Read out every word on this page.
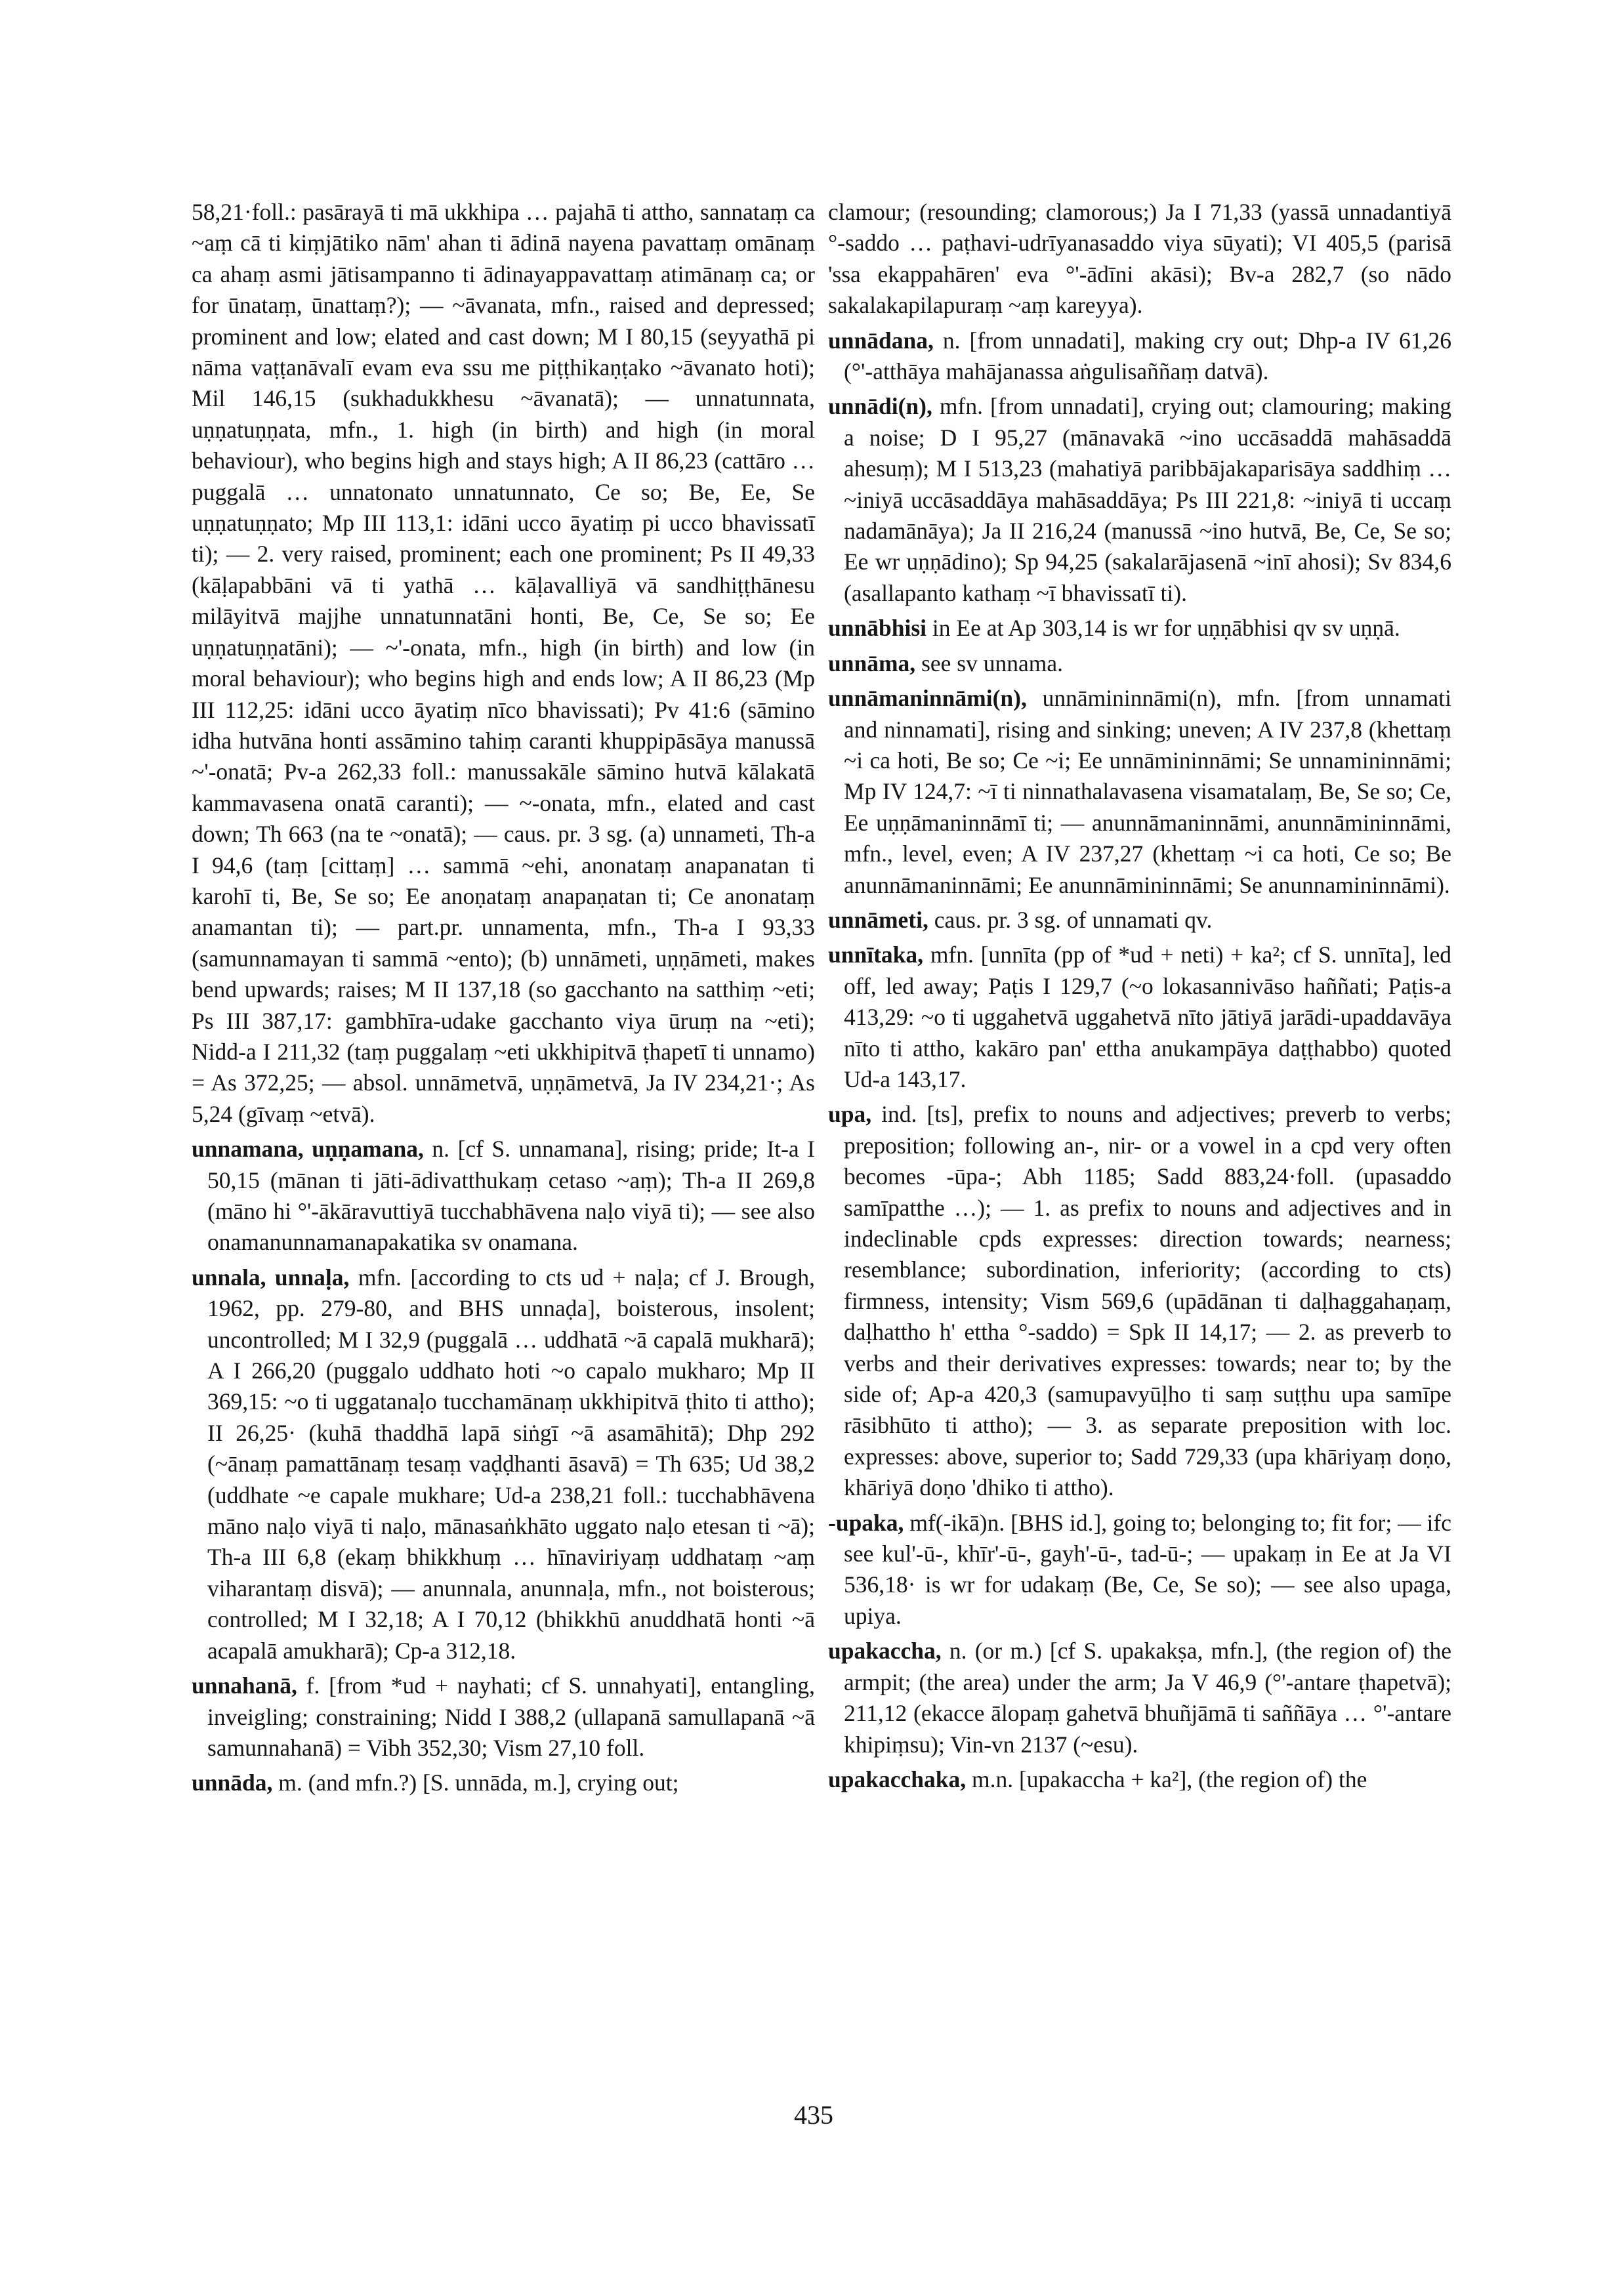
58,21·foll.: pasārayā ti mā ukkhipa … pajahā ti attho, sannataṃ ca ~aṃ cā ti kiṃjātiko nām' ahan ti ādinā nayena pavattaṃ omānaṃ ca ahaṃ asmi jātisampanno ti ādinayappavattaṃ atimānaṃ ca; or for ūnataṃ, ūnattaṃ?); — ~āvanata, mfn., raised and depressed; prominent and low; elated and cast down; M I 80,15 (seyyathā pi nāma vaṭṭanāvalī evam eva ssu me piṭṭhikaṇṭako ~āvanato hoti); Mil 146,15 (sukhadukkhesu ~āvanatā); — unnatunnata, uṇṇatuṇṇata, mfn., 1. high (in birth) and high (in moral behaviour), who begins high and stays high; A II 86,23 (cattāro … puggalā … unnatonato unnatunnato, Ce so; Be, Ee, Se uṇṇatuṇṇato; Mp III 113,1: idāni ucco āyatiṃ pi ucco bhavissatī ti); — 2. very raised, prominent; each one prominent; Ps II 49,33 (kāḷapabbāni vā ti yathā … kāḷavalliyā vā sandhiṭṭhānesu milāyitvā majjhe unnatunnatāni honti, Be, Ce, Se so; Ee uṇṇatuṇṇatāni); — ~'-onata, mfn., high (in birth) and low (in moral behaviour); who begins high and ends low; A II 86,23 (Mp III 112,25: idāni ucco āyatiṃ nīco bhavissati); Pv 41:6 (sāmino idha hutvāna honti assāmino tahiṃ caranti khuppipāsāya manussā ~'-onatā; Pv-a 262,33 foll.: manussakāle sāmino hutvā kālakatā kammavasena onatā caranti); — ~-onata, mfn., elated and cast down; Th 663 (na te ~onatā); — caus. pr. 3 sg. (a) unnameti, Th-a I 94,6 (taṃ [cittaṃ] … sammā ~ehi, anonataṃ anapanatan ti karohī ti, Be, Se so; Ee anoṇataṃ anapaṇatan ti; Ce anonataṃ anamantan ti); — part.pr. unnamenta, mfn., Th-a I 93,33 (samunnamayan ti sammā ~ento); (b) unnāmeti, uṇṇāmeti, makes bend upwards; raises; M II 137,18 (so gacchanto na satthiṃ ~eti; Ps III 387,17: gambhīra-udake gacchanto viya ūruṃ na ~eti); Nidd-a I 211,32 (taṃ puggalaṃ ~eti ukkhipitvā ṭhapetī ti unnamo) = As 372,25; — absol. unnāmetvā, uṇṇāmetvā, Ja IV 234,21·; As 5,24 (gīvaṃ ~etvā).

unnamana, uṇṇamana, n. [cf S. unnamana], rising; pride; It-a I 50,15 (mānan ti jāti-ādivatthukaṃ cetaso ~aṃ); Th-a II 269,8 (māno hi °'-ākāravuttiyā tucchabhāvena naḷo viyā ti); — see also onamanunnamanapakatika sv onamana.

unnala, unnaḷa, mfn. [according to cts ud + naḷa; cf J. Brough, 1962, pp. 279-80, and BHS unnaḍa], boisterous, insolent; uncontrolled; M I 32,9 (puggalā … uddhatā ~ā capalā mukharā); A I 266,20 (puggalo uddhato hoti ~o capalo mukharo; Mp II 369,15: ~o ti uggatanaḷo tucchamānaṃ ukkhipitvā ṭhito ti attho); II 26,25· (kuhā thaddhā lapā siṅgī ~ā asamāhitā); Dhp 292 (~ānaṃ pamattānaṃ tesaṃ vaḍḍhanti āsavā) = Th 635; Ud 38,2 (uddhate ~e capale mukhare; Ud-a 238,21 foll.: tucchabhāvena māno naḷo viyā ti naḷo, mānasaṅkhāto uggato naḷo etesan ti ~ā); Th-a III 6,8 (ekaṃ bhikkhuṃ … hīnaviriyaṃ uddhataṃ ~aṃ viharantaṃ disvā); — anunnala, anunnaḷa, mfn., not boisterous; controlled; M I 32,18; A I 70,12 (bhikkhū anuddhatā honti ~ā acapalā amukharā); Cp-a 312,18.

unnahanā, f. [from *ud + nayhati; cf S. unnahyati], entangling, inveigling; constraining; Nidd I 388,2 (ullapanā samullapanā ~ā samunnahanā) = Vibh 352,30; Vism 27,10 foll.

unnāda, m. (and mfn.?) [S. unnāda, m.], crying out;

clamour; (resounding; clamorous;) Ja I 71,33 (yassā unnadantiyā °-saddo … paṭhavi-udrīyanasaddo viya sūyati); VI 405,5 (parisā 'ssa ekappahāren' eva °'-ādīni akāsi); Bv-a 282,7 (so nādo sakalakapilapuraṃ ~aṃ kareyya).

unnādana, n. [from unnadati], making cry out; Dhp-a IV 61,26 (°'-atthāya mahājanassa aṅgulisaññaṃ datvā).

unnādi(n), mfn. [from unnadati], crying out; clamouring; making a noise; D I 95,27 (mānavakā ~ino uccāsaddā mahāsaddā ahesuṃ); M I 513,23 (mahatiyā paribbājakaparisāya saddhiṃ … ~iniyā uccāsaddāya mahāsaddāya; Ps III 221,8: ~iniyā ti uccaṃ nadamānāya); Ja II 216,24 (manussā ~ino hutvā, Be, Ce, Se so; Ee wr uṇṇādino); Sp 94,25 (sakalarājasenā ~inī ahosi); Sv 834,6 (asallapanto kathaṃ ~ī bhavissatī ti).

unnābhisi in Ee at Ap 303,14 is wr for uṇṇābhisi qv sv uṇṇā.

unnāma, see sv unnama.

unnāmaninnāmi(n), unnāmininnāmi(n), mfn. [from unnamati and ninnamati], rising and sinking; uneven; A IV 237,8 (khettaṃ ~i ca hoti, Be so; Ce ~i; Ee unnāmininnāmi; Se unnamininnāmi; Mp IV 124,7: ~ī ti ninnathalavasena visamatalaṃ, Be, Se so; Ce, Ee uṇṇāmaninnāmī ti; — anunnāmaninnāmi, anunnāmininnāmi, mfn., level, even; A IV 237,27 (khettaṃ ~i ca hoti, Ce so; Be anunnāmaninnāmi; Ee anunnāmininnāmi; Se anunnamininnāmi).

unnāmeti, caus. pr. 3 sg. of unnamati qv.

unnītaka, mfn. [unnīta (pp of *ud + neti) + ka²; cf S. unnīta], led off, led away; Paṭis I 129,7 (~o lokasannivāso haññati; Paṭis-a 413,29: ~o ti uggahetvā uggahetvā nīto jātiyā jarādi-upaddavāya nīto ti attho, kakāro pan' ettha anukampāya daṭṭhabbo) quoted Ud-a 143,17.

upa, ind. [ts], prefix to nouns and adjectives; preverb to verbs; preposition; following an-, nir- or a vowel in a cpd very often becomes -ūpa-; Abh 1185; Sadd 883,24·foll. (upasaddo samīpatthe …); — 1. as prefix to nouns and adjectives and in indeclinable cpds expresses: direction towards; nearness; resemblance; subordination, inferiority; (according to cts) firmness, intensity; Vism 569,6 (upādānan ti daḷhaggahaṇaṃ, daḷhattho h' ettha °-saddo) = Spk II 14,17; — 2. as preverb to verbs and their derivatives expresses: towards; near to; by the side of; Ap-a 420,3 (samupavyūḷho ti saṃ suṭṭhu upa samīpe rāsibhūto ti attho); — 3. as separate preposition with loc. expresses: above, superior to; Sadd 729,33 (upa khāriyaṃ doṇo, khāriyā doṇo 'dhiko ti attho).

-upaka, mf(-ikā)n. [BHS id.], going to; belonging to; fit for; — ifc see kul'-ū-, khīr'-ū-, gayh'-ū-, tad-ū-; — upakaṃ in Ee at Ja VI 536,18· is wr for udakaṃ (Be, Ce, Se so); — see also upaga, upiya.

upakaccha, n. (or m.) [cf S. upakakṣa, mfn.], (the region of) the armpit; (the area) under the arm; Ja V 46,9 (°'-antare ṭhapetvā); 211,12 (ekacce ālopaṃ gahetvā bhuñjāmā ti saññāya … °'-antare khipiṃsu); Vin-vn 2137 (~esu).

upakacchaka, m.n. [upakaccha + ka²], (the region of) the

435
